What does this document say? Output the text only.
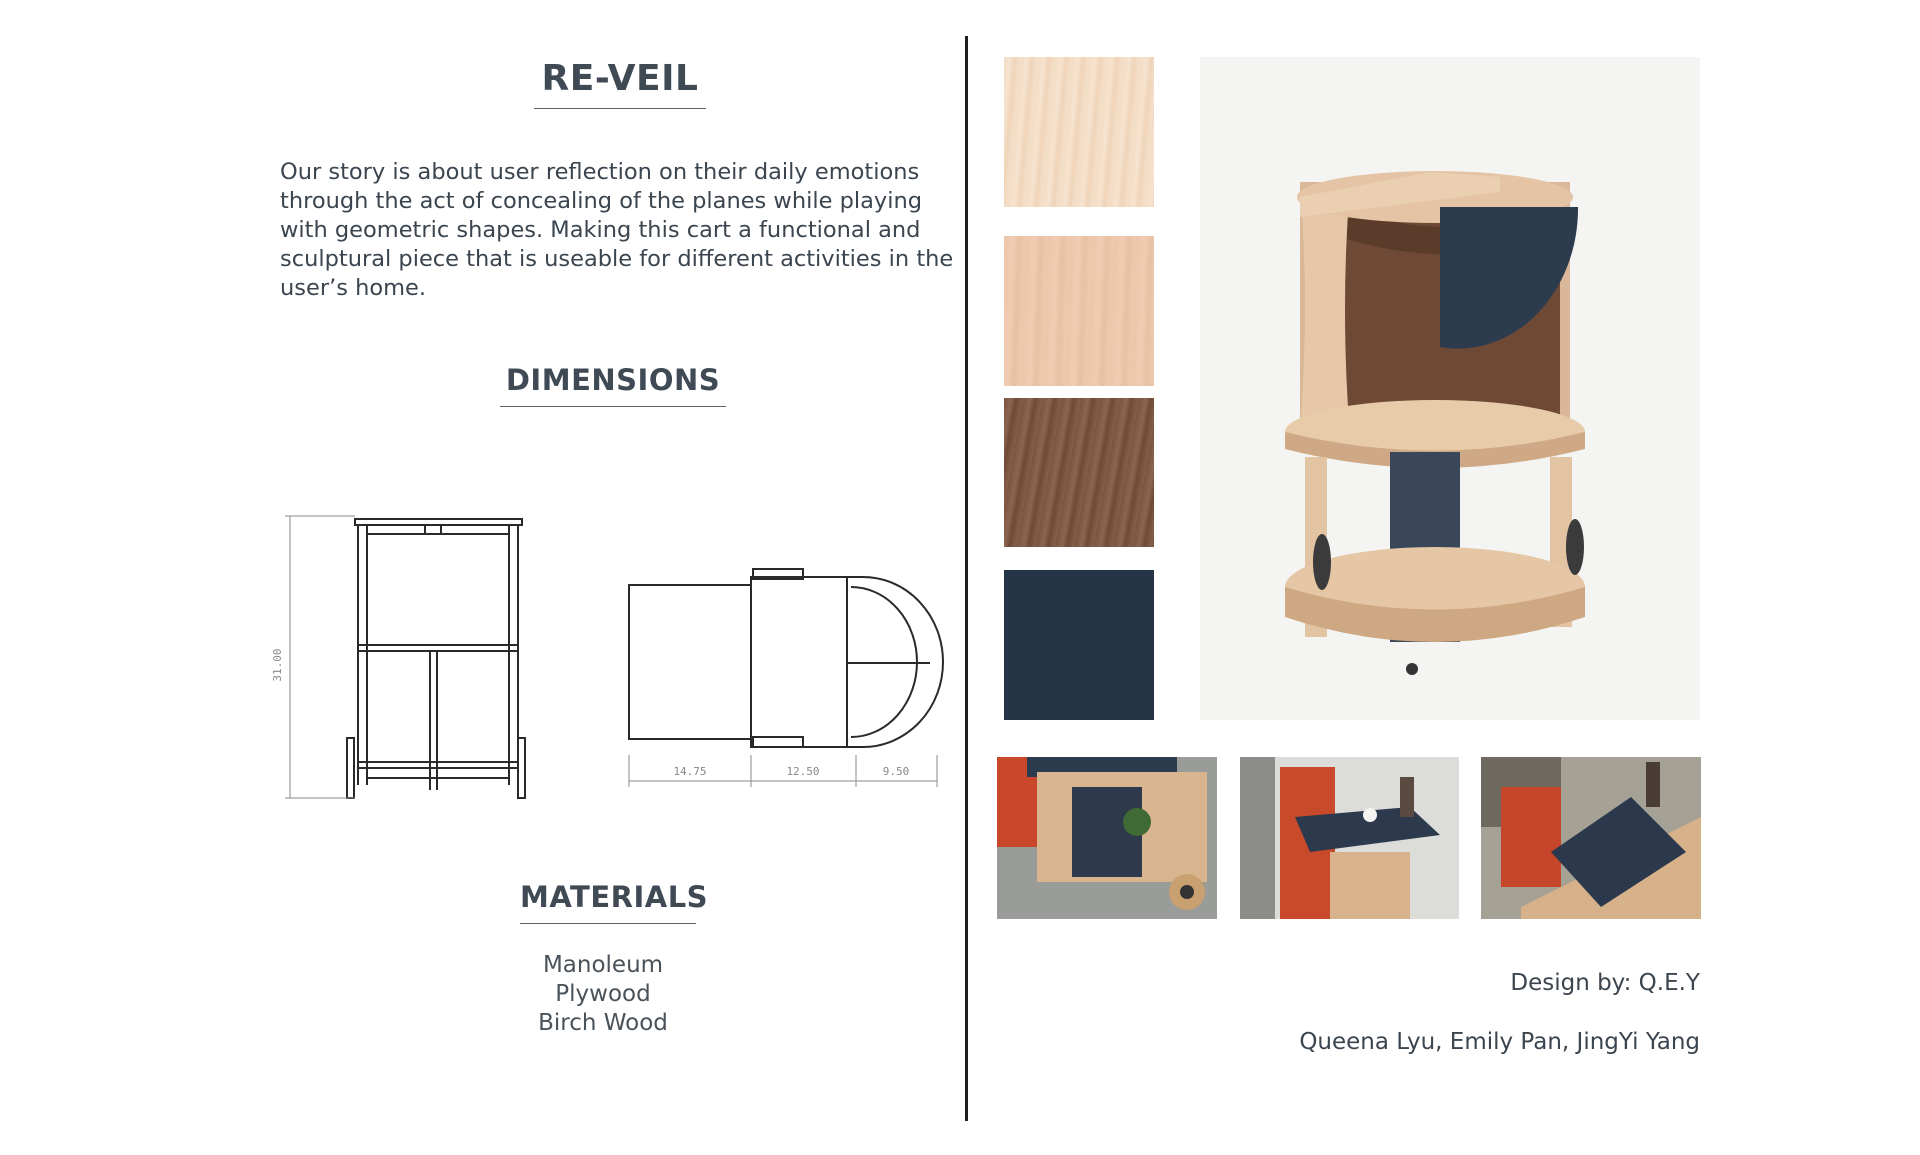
RE-VEIL
Our story is about user reflection on their daily emotions through the act of concealing of the planes while playing with geometric shapes. Making this cart a functional and sculptural piece that is useable for different activities in the user’s home.
DIMENSIONS
31.00
14.75	12.50	9.50
MATERIALS
Manoleum
Plywood
Birch Wood
Design by: Q.E.Y
Queena Lyu, Emily Pan, JingYi Yang
